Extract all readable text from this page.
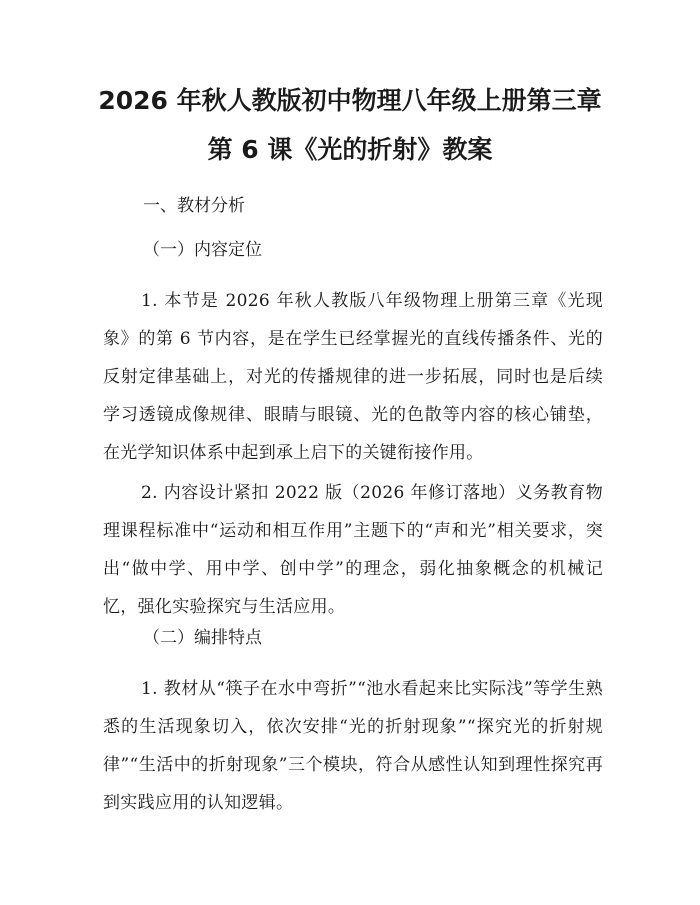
2026 年秋人教版初中物理八年级上册第三章
第 6 课《光的折射》教案
一、教材分析
（一）内容定位
1. 本节是 2026 年秋人教版八年级物理上册第三章《光现象》的第 6 节内容，是在学生已经掌握光的直线传播条件、光的反射定律基础上，对光的传播规律的进一步拓展，同时也是后续学习透镜成像规律、眼睛与眼镜、光的色散等内容的核心铺垫，在光学知识体系中起到承上启下的关键衔接作用。
2. 内容设计紧扣 2022 版（2026 年修订落地）义务教育物理课程标准中“运动和相互作用”主题下的“声和光”相关要求，突出“做中学、用中学、创中学”的理念，弱化抽象概念的机械记忆，强化实验探究与生活应用。
（二）编排特点
1. 教材从“筷子在水中弯折”“池水看起来比实际浅”等学生熟悉的生活现象切入，依次安排“光的折射现象”“探究光的折射规律”“生活中的折射现象”三个模块，符合从感性认知到理性探究再到实践应用的认知逻辑。
